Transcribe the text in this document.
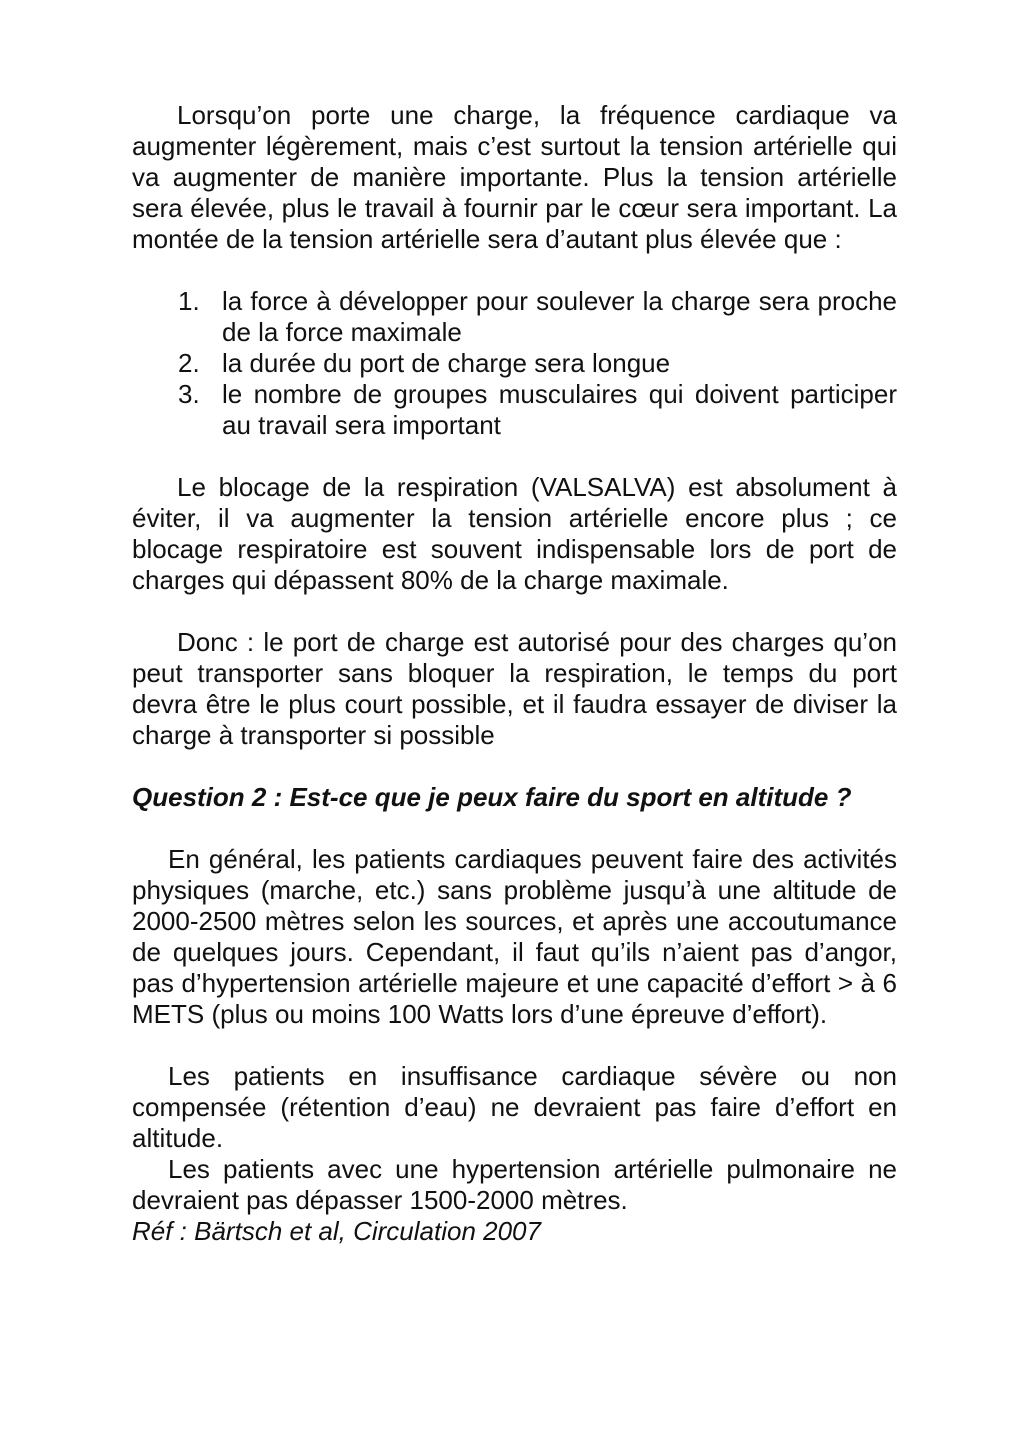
Lorsqu’on porte une charge, la fréquence cardiaque va augmenter légèrement, mais c’est surtout la tension artérielle qui va augmenter de manière importante. Plus la tension artérielle sera élevée, plus le travail à fournir par le cœur sera important. La montée de la tension artérielle sera d’autant plus élevée que :

1. la force à développer pour soulever la charge sera proche de la force maximale
2. la durée du port de charge sera longue
3. le nombre de groupes musculaires qui doivent participer au travail sera important

Le blocage de la respiration (VALSALVA) est absolument à éviter, il va augmenter la tension artérielle encore plus ; ce blocage respiratoire est souvent indispensable lors de port de charges qui dépassent 80% de la charge maximale.

Donc : le port de charge est autorisé pour des charges qu’on peut transporter sans bloquer la respiration, le temps du port devra être le plus court possible, et il faudra essayer de diviser la charge à transporter si possible

Question 2 : Est-ce que je peux faire du sport en altitude ?

En général, les patients cardiaques peuvent faire des activités physiques (marche, etc.) sans problème jusqu’à une altitude de 2000-2500 mètres selon les sources, et après une accoutumance de quelques jours. Cependant, il faut qu’ils n’aient pas d’angor, pas d’hypertension artérielle majeure et une capacité d’effort > à 6 METS (plus ou moins 100 Watts lors d’une épreuve d’effort).

Les patients en insuffisance cardiaque sévère ou non compensée (rétention d’eau) ne devraient pas faire d’effort en altitude.

Les patients avec une hypertension artérielle pulmonaire ne devraient pas dépasser 1500-2000 mètres.

Réf : Bärtsch et al, Circulation 2007
